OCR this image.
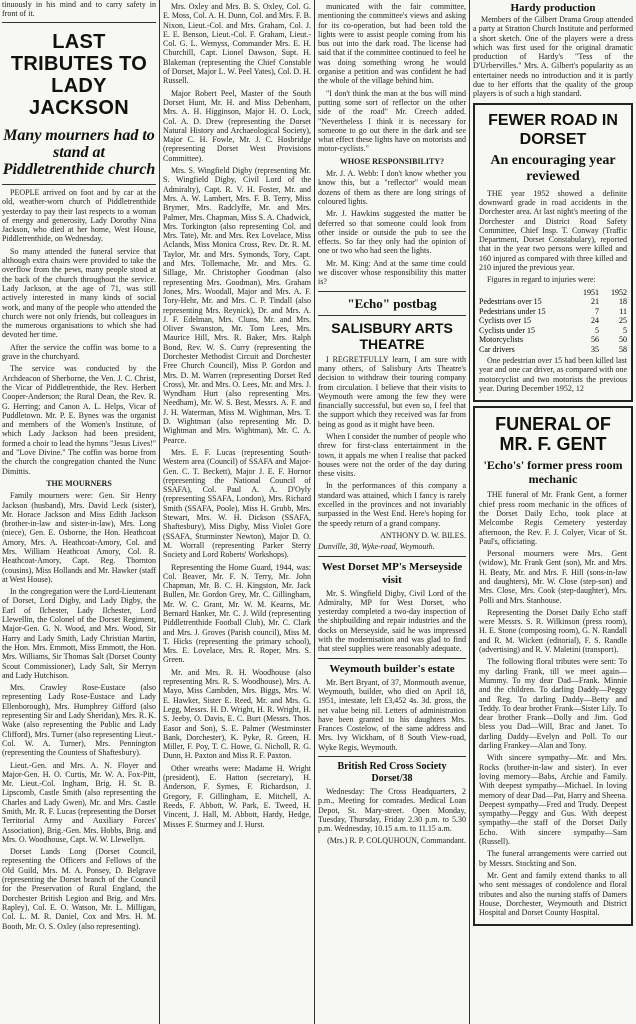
tinuously in his mind and to carry safety in front of it.
LAST TRIBUTES TO LADY JACKSON
Many mourners had to stand at Piddletrenthide church

PEOPLE arrived on foot and by car at the old, weather-worn church of Piddletrenthide yesterday to pay their last respects to a woman of energy and generosity, Lady Dorothy Nina Jackson, who died at her home, West House, Piddletrenthide, on Wednesday.

So many attended the funeral service that although extra chairs were provided to take the overflow from the pews, many people stood at the back of the church throughout the service. Lady Jackson, at the age of 71, was still actively interested in many kinds of social work, and many of the people who attended the church were not only friends, but colleagues in the numerous organisations to which she had devoted her time.

After the service the coffin was borne to a grave in the churchyard.

The service was conducted by the Archdeacon of Sherborne, the Ven. J. C. Christ, the Vicar of Piddletrenthide, the Rev. Herbert Cooper-Anderson; the Rural Dean, the Rev. R. G. Herring; and Canon A. L. Helps, Vicar of Puddletown. Mr. P. E. Bynes was the organist and members of the Women's Institute, of which Lady Jackson had been president, formed a choir to lead the hymns "Jesus Lives!" and "Love Divine." The coffin was borne from the church the congregation chanted the Nunc Dimittis.

THE MOURNERS

Family mourners were: Gen. Sir Henry Jackson (husband), Mrs. David Leck (sister), Mr. Horace Jackson and Miss Edith Jackson (brother-in-law and sister-in-law), Mrs. Long (niece), Gen. E. Osborne, the Hon. Heathcoat Amory, Mrs. A. Heathcoat-Amory, Col. and Mrs. William Heathcoat Amory, Col. R. Heathcoat-Amory, Capt. Reg. Thornton (cousins), Miss Hollands and Mr. Hawker (staff at West House).

In the congregation were the Lord-Lieutenant of Dorset, Lord Digby, and Lady Digby, the Earl of Ilchester, Lady Ilchester, Lord Llewellin, the Colonel of the Dorset Regiment, Major-Gen. G. N. Wood, and Mrs. Wood, Sir Harry and Lady Smith, Lady Christian Martin, the Hon. Mrs. Emmott, Miss Emmott, the Hon. Mrs. Williams, Sir Thomas Salt (Dorset County Scout Commissioner), Lady Salt, Sir Merryn and Lady Hutchison.

Mrs. Crawley Rose-Eustace (also representing Lady Rose-Eustace and Lady Ellenborough), Mrs. Humphrey Gifford (also representing Sir and Lady Sheridan), Mrs. R. K. Wake (also representing the Public and Lady Clifford), Mrs. Turner (also representing Lieut.-Col. W. A. Turner), Mrs. Pennington (representing the Countess of Shaftesbury).

Lieut.-Gen. and Mrs. A. N. Floyer and Major-Gen. H. O. Curtis, Mr. W. A. Fox-Pitt, Mr. Lieut.-Col. Ingham, Brig. H. St. B. Lipscomb, Castle Smith (also representing the Charles and Lady Gwen), Mr. and Mrs. Castle Smith, Mr. R. F. Lucas (representing the Dorset Territorial Army and Auxiliary Forces' Association), Brig.-Gen. Mrs. Hobbs, Brig. and Mrs. O. Woodhouse, Capt. W. W. Llewellyn.

Dorset Lands Long (Dorset Council, representing the Officers and Fellows of the Old Guild, Mrs. M. A. Ponsey, D. Belgrave (representing the Dorset branch of the Council for the Preservation of Rural England, the Dorchester British Legion and Brig. and Mrs. Rapley), Col. E. O. Watson, Mr. L. Milligan, Col. L. M. R. Daniel, Cox and Mrs. H. M. Booth, Mr. O. S. Oxley (also representing).

Mrs. Oxley and Mrs. B. S. Oxley, Col. G. E. Moss, Col. A. H. Dunn, Col. and Mrs. F. B. Nixon, Lieut.-Col. and Mrs. Graham, Col. J. E. E. Benson, Lieut.-Col. F. Graham, Lieut.-Col. G. L. Wemyss, Commander Mrs. E. H. Churchill, Capt. Lionel Dawson, Supt. H. Blakeman (representing the Chief Constable of Dorset, Major L. W. Peel Yates), Col. D. H. Russell.

Major Robert Peel, Master of the South Dorset Hunt, Mr. H. and Miss Debenham, Mrs. A. H. Higginson, Major H. O. Lock, Col. A. D. Drew (representing the Dorset Natural History and Archaeological Society), Major C. H. Fowle, Mr. J. C. Hosbridge (representing Dorset West Provisions Committee).

Mrs. S. Wingfield Digby (representing Mr. S. Wingfield Digby, Civil Lord of the Admiralty), Capt. R. V. H. Foster, Mr. and Mrs. A. W. Lambert, Mrs. F. B. Terry, Miss Brymer, Mrs. Radclyffe, Mr. and Mrs. Palmer, Mrs. Chapman, Miss S. A. Chadwick, Mrs. Torkington (also representing Col. and Mrs. Tate), Mr. and Mrs. Rex Lovelace, Miss Aclands, Miss Monica Cross, Rev. Dr. R. M. Taylor, Mr. and Mrs. Symonds, Tory, Capt. and Mrs. Tollemache, Mr. and Mrs. G. Sillage, Mr. Christopher Goodman (also representing Mrs. Goodman), Mrs. Graham Jones, Mrs. Woodall, Major and Mrs. A. F. Tory-Hehr, Mr. and Mrs. C. P. Tindall (also representing Mrs. Reynick), Dr. and Mrs. A. J. F. Edelman, Mrs. Cluns, Mr. and Mrs. Oliver Swanston, Mr. Tom Lees, Mrs. Maurice Hill, Mrs. R. Baker, Mrs. Ralph Bond, Rev. W. S. Curry (representing the Dorchester Methodist Circuit and Dorchester Free Church Council), Miss P. Gordon and Mrs. D. M. Warren (representing Dorset Red Cross), Mr. and Mrs. O. Lees, Mr. and Mrs. J. Wyndham Hurt (also representing Mrs. Needham), Mr. W. S. Best, Messrs. A. F. and J. H. Waterman, Miss M. Wightman, Mrs. T. D. Wightman (also representing Mr. D. Wightman and Mrs. Wightman), Mr. C. A. Pearce.

Mrs. E. F. Lucas (representing South-Western area (Council) of SSAFA and Major-Gen. C. T. Beckett), Major J. E. F. Hornor (representing the National Council of SSAFA), Col. Paul A. A. D'Oyly (representing SSAFA, London), Mrs. Richard Smith (SSAFA, Poole), Miss H. Grubb, Mrs. Stewart, Mrs. W. H. Dickson (SSAFA, Shaftesbury), Miss Digby, Miss Violet Gore (SSAFA, Sturminster Newton), Major D. O. M. Worrall (representing Parker Sterry Society and Lord Roberts' Workshops).

Representing the Home Guard, 1944, was: Col. Beaver, Mr. F. N. Terry, Mr. John Chapman, Mr. B. C. H. Kingston, Mr. Jack Bullen, Mr. Gordon Grey, Mr. C. Gillingham, Mr. W. C. Grant, Mr. W. M. Kearns, Mr. Bernard Hanker, Mr. C. J. Wild (representing Piddletrenthide Football Club), Mr. C. Clark and Mrs. J. Groves (Parish council), Miss M. T. Hicks (representing the primary school), Mrs. E. Lovelace, Mrs. R. Roper, Mrs. S. Green.

Mr. and Mrs. R. H. Woodhouse (also representing Mrs. R. S. Woodhouse), Mrs. A. Mayo, Miss Cambden, Mrs. Biggs, Mrs. W. E. Hawker, Sister E. Reed, Mr. and Mrs. G. Legg, Messrs. H. D. Wright, H. R. Wright, H. S. Jeeby, O. Davis, E. C. Burt (Messrs. Thos. Easor and Son), S. E. Palmer (Westminster Bank, Dorchester), K. Pyke, R. Green, H. Miller, F. Poy, T. C. Howe, G. Nicholl, R. G. Dunn, H. Paxton and Miss R. F. Paxton.

Other wreaths were: Madame H. Wright (president), E. Hatton (secretary), H. Anderson, F. Symes, F. Richardson, J. Gregory, F. Gillingham, E. Mitchell, A. Reeds, F. Abbott, W. Park, E. Tweed, H. Vincent, J. Hall, M. Abbott, Hardy, Hedge, Misses F. Sturmey and J. Hurst.

municated with the fair committee, mentioning the committee's views and asking for its co-operation, but had been told the lights were to assist people coming from his bus out into the dark road. The license had said that if the committee continued to feel he was doing something wrong he would organise a petition and was confident he had the whole of the village behind him.

"I don't think the man at the bus will mind putting some sort of reflector on the other side of the road" Mr. Creech added. "Nevertheless I think it is necessary for someone to go out there in the dark and see what effect these lights have on motorists and motor-cyclists."

WHOSE RESPONSIBILITY?

Mr. J. A. Webb: I don't know whether you know this, but a "reflector" would mean dozens of them as there are long strings of coloured lights.

Mr. J. Hawkins suggested the matter be deferred so that someone could look from other inside or outside the pub to see the effects. So far they only had the opinion of one or two who had seen the lights.

Mr. M. King: And at the same time could we discover whose responsibility this matter is?

"Echo" postbag
SALISBURY ARTS THEATRE

I REGRETFULLY learn, I am sure with many others, of Salisbury Arts Theatre's decision to withdraw their touring company from circulation. I believe that their visits to Weymouth were among the few they were financially successful, but even so, I feel that the support which they received was far from being as good as it might have been.

When I consider the number of people who threw for first-class entertainment in the town, it appals me when I realise that packed houses were not the order of the day during these visits.

In the performances of this company a standard was attained, which I fancy is rarely excelled in the provinces and not invariably surpassed in the West End. Here's hoping for the speedy return of a grand company.

ANTHONY D. W. BILES.
Dunville, 38, Wyke-road, Weymouth.
West Dorset MP's Merseyside visit

Mr. S. Wingfield Digby, Civil Lord of the Admiralty, MP for West Dorset, who yesterday completed a two-day inspection of the shipbuilding and repair industries and the docks on Merseyside, said he was impressed with the modernisation and was glad to find that steel supplies were reasonably adequate.

Weymouth builder's estate

Mr. Bert Bryant, of 37, Monmouth avenue, Weymouth, builder, who died on April 18, 1951, intestate, left £3,452 4s. 3d. gross, the net value being nil. Letters of administration have been granted to his daughters Mrs. Frances Costelow, of the same address and Mrs. Ivy Wickham, of 8 South View-road, Wyke Regis, Weymouth.

British Red Cross Society Dorset/38

Wednesday: The Cross Headquarters, 2 p.m., Meeting for comrades. Medical Loan Depot, St. Mary-street. Open Monday, Tuesday, Thursday, Friday 2.30 p.m. to 5.30 p.m. Wednesday, 10.15 a.m. to 11.15 a.m.

(Mrs.) R. P. COLQUHOUN, Commandant.
Hardy production

Members of the Gilbert Drama Group attended a party at Stratton Church Institute and performed a short sketch. One of the players were a dress which was first used for the original dramatic production of Hardy's "Tess of the D'Urbervilles." Mrs. A. Gilbert's popularity as an entertainer needs no introduction and it is partly due to her efforts that the quality of the group players is of such a high standard.

FEWER ROAD IN DORSET
An encouraging year reviewed

THE year 1952 showed a definite downward grade in road accidents in the Dorchester area. At last night's meeting of the Dorchester and District Road Safety Committee, Chief Insp. T. Conway (Traffic Department, Dorset Constabulary), reported that in the year two persons were killed and 160 injured as compared with three killed and 210 injured the previous year.

Figures in regard to injuries were:

	1951	1952
Pedestrians over 15	21	18
Pedestrians under 15	7	11
Cyclists over 15	24	25
Cyclists under 15	5	5
Motorcyclists	56	50
Car drivers	35	58

One pedestrian over 15 had been killed last year and one car driver, as compared with one motorcyclist and two motorists the previous year. During December 1952, 12

FUNERAL OF MR. F. GENT
'Echo's' former press room mechanic

THE funeral of Mr. Frank Gent, a former chief press room mechanic in the offices of the Dorset Daily Echo, took place at Melcombe Regis Cemetery yesterday afternoon, the Rev. F. J. Colyer, Vicar of St. Paul's, officiating.

Personal mourners were Mrs. Gent (widow), Mr. Frank Gent (son), Mr. and Mrs. H. Beaty, Mr. and Mrs. F. Hill (sons-in-law and daughters), Mr. W. Close (step-son) and Mrs. Close, Mrs. Cook (step-daughter), Mrs. Polli and Mrs. Stanhouse.

Representing the Dorset Daily Echo staff were Messrs. S. R. Wilkinson (press room), H. E. Stone (composing room), G. N. Randall and R. M. Wickett (editorial), F. S. Randle (advertising) and R. V. Maletini (transport).

The following floral tributes were sent: To my darling Frank, till we meet again—Mummy. To my dear Dad—Frank. Minnie and the children. To darling Daddy—Peggy and Reg. To darling Daddy—Betty and Teddy. To dear brother Frank—Sister Lily. To dear brother Frank—Dolly and Jim. God bless you Dad—Will, Brac and Janet. To darling Daddy—Evelyn and Poll. To our darling Frankey—Alan and Tony.

With sincere sympathy—Mr. and Mrs. Rocks (brother-in-law and sister). In ever loving memory—Babs, Archie and Family. With deepest sympathy—Michael. In loving memory of dear Dad—Pat, Harry and Sheena. Deepest sympathy—Fred and Trudy. Deepest sympathy—Peggy and Gus. With deepest sympathy—the staff of the Dorset Daily Echo. With sincere sympathy—Sam (Russell).

The funeral arrangements were carried out by Messrs. Stockting and Son.

Mr. Gent and family extend thanks to all who sent messages of condolence and floral tributes and also the nursing staffs of Damers House, Dorchester, Weymouth and District Hospital and Dorset County Hospital.
